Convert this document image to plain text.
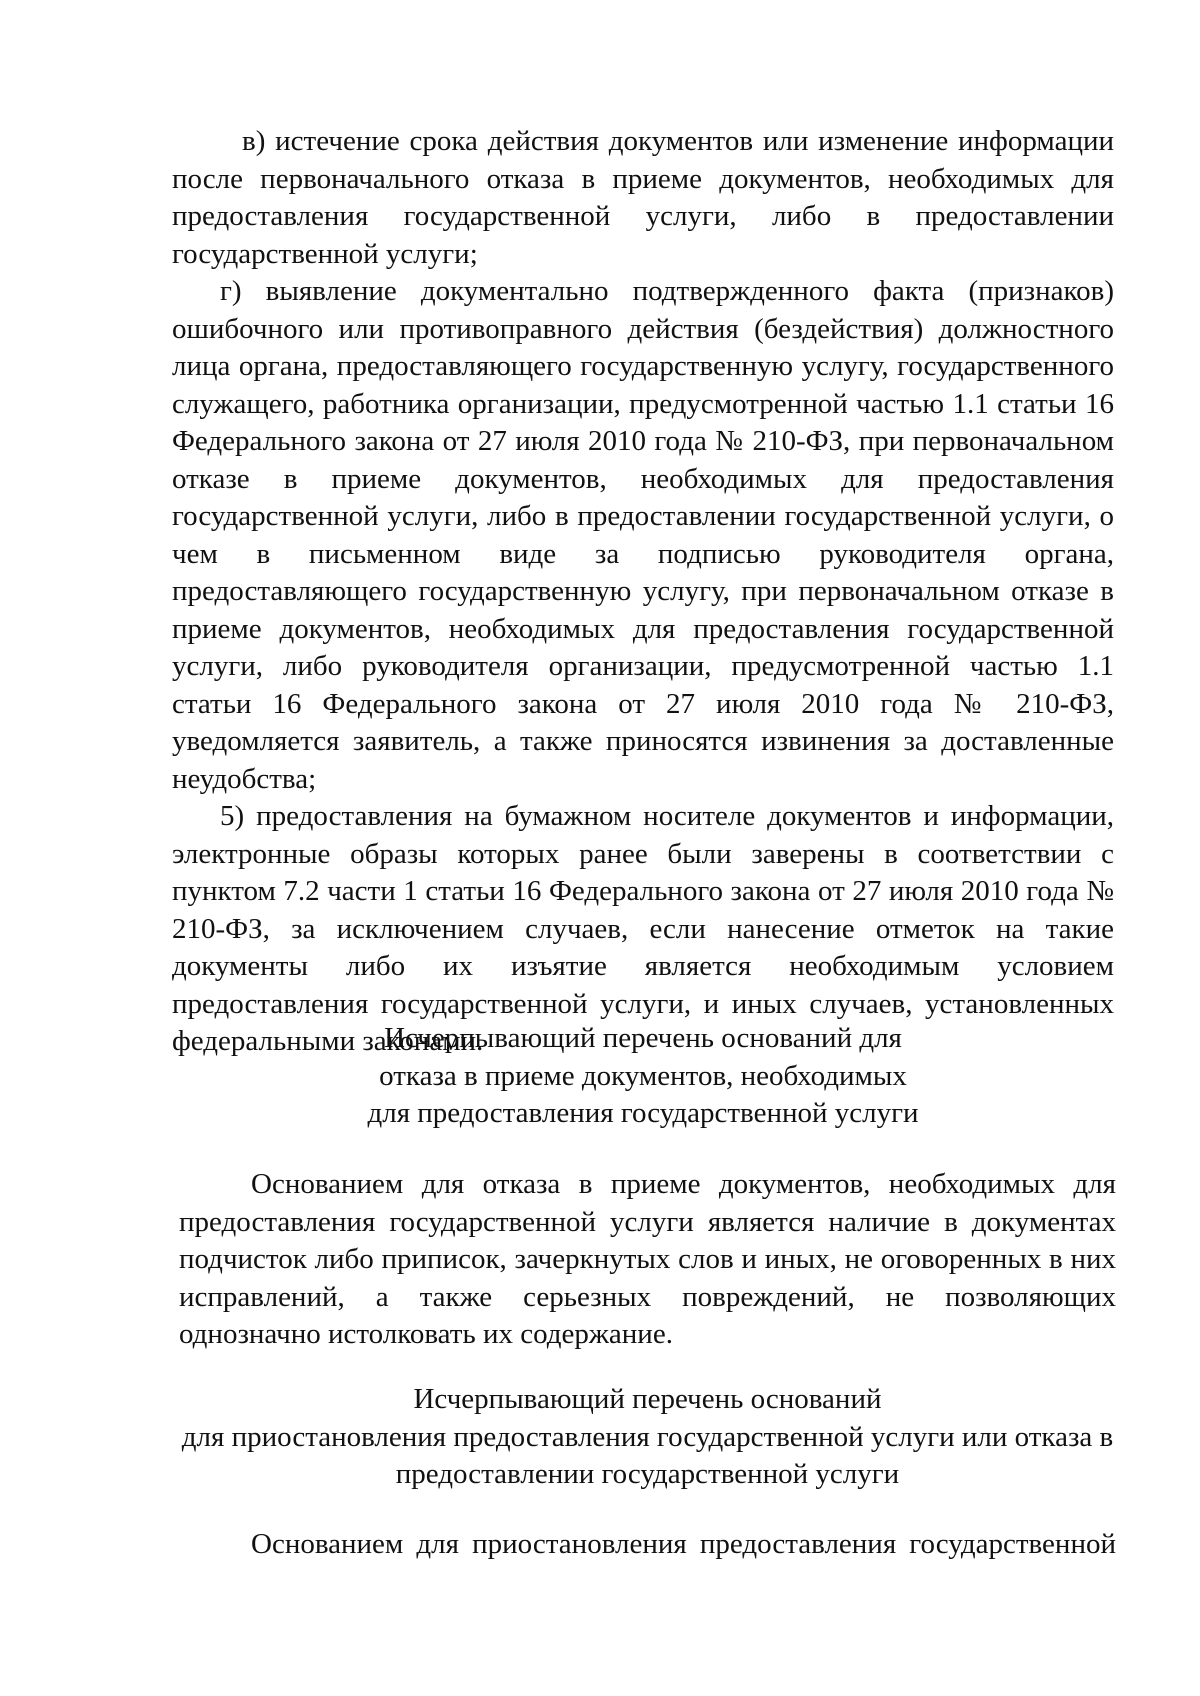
в) истечение срока действия документов или изменение информации после первоначального отказа в приеме документов, необходимых для предоставления государственной услуги, либо в предоставлении государственной услуги;

г) выявление документально подтвержденного факта (признаков) ошибочного или противоправного действия (бездействия) должностного лица органа, предоставляющего государственную услугу, государственного служащего, работника организации, предусмотренной частью 1.1 статьи 16 Федерального закона от 27 июля 2010 года № 210-ФЗ, при первоначальном отказе в приеме документов, необходимых для предоставления государственной услуги, либо в предоставлении государственной услуги, о чем в письменном виде за подписью руководителя органа, предоставляющего государственную услугу, при первоначальном отказе в приеме документов, необходимых для предоставления государственной услуги, либо руководителя организации, предусмотренной частью 1.1 статьи 16 Федерального закона от 27 июля 2010 года № 210-ФЗ, уведомляется заявитель, а также приносятся извинения за доставленные неудобства;

5) предоставления на бумажном носителе документов и информации, электронные образы которых ранее были заверены в соответствии с пунктом 7.2 части 1 статьи 16 Федерального закона от 27 июля 2010 года № 210-ФЗ, за исключением случаев, если нанесение отметок на такие документы либо их изъятие является необходимым условием предоставления государственной услуги, и иных случаев, установленных федеральными законами.

Исчерпывающий перечень оснований для
отказа в приеме документов, необходимых
для предоставления государственной услуги

Основанием для отказа в приеме документов, необходимых для предоставления государственной услуги является наличие в документах подчисток либо приписок, зачеркнутых слов и иных, не оговоренных в них исправлений, а также серьезных повреждений, не позволяющих однозначно истолковать их содержание.

Исчерпывающий перечень оснований
для приостановления предоставления государственной услуги или отказа в
предоставлении государственной услуги

Основанием для приостановления предоставления государственной
